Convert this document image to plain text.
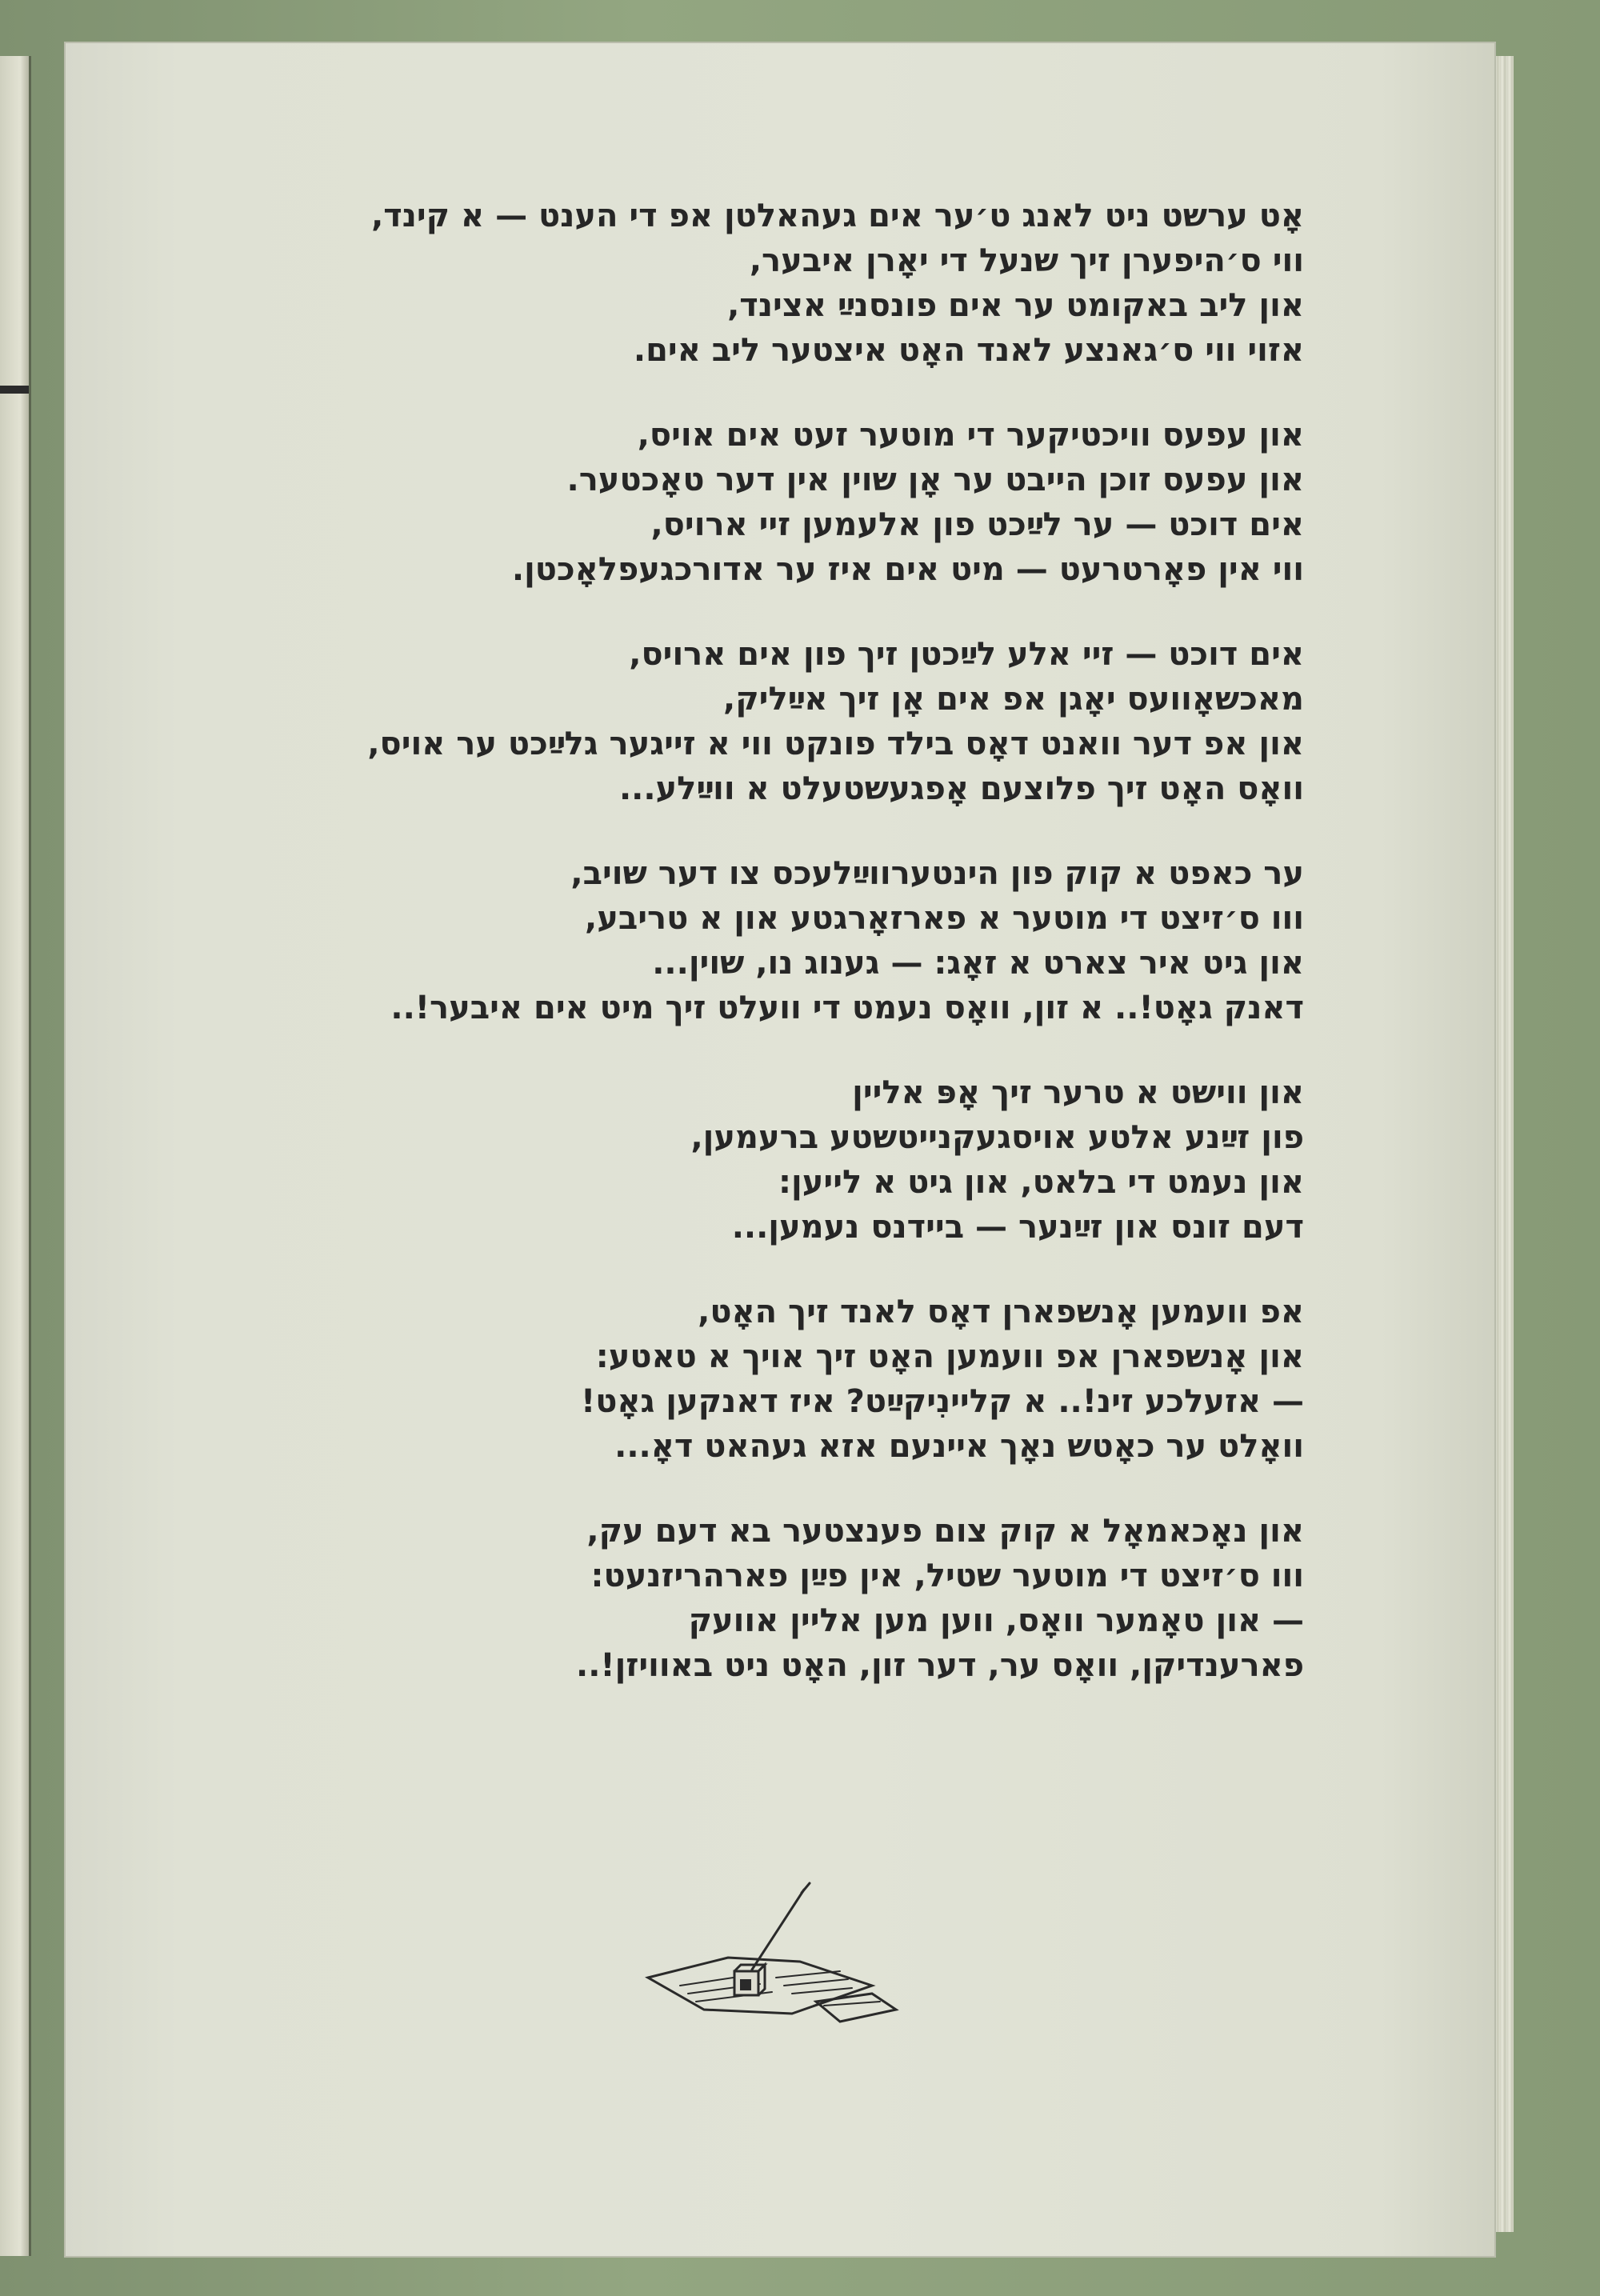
אָט ערשט ניט לאנג ט׳ער אים געהאלטן אפ די הענט — א קינד,
ווי ס׳היפערן זיך שנעל די יאָרן איבער,
און ליב באקומט ער אים פונסנײַ אצינד,
אזוי ווי ס׳גאנצע לאנד האָט איצטער ליב אים.
און עפעס וויכטיקער די מוטער זעט אים אויס,
און עפעס זוכן הייבט ער אָן שוין אין דער טאָכטער.
אים דוכט — ער לײַכט פון אלעמען זיי ארויס,
ווי אין פאָרטרעט — מיט אים איז ער אדורכגעפלאָכטן.
אים דוכט — זיי אלע לײַכטן זיך פון אים ארויס,
מאכשאָוועס יאָגן אפ אים אָן זיך אײַליק,
און אפ דער וואנט דאָס בילד פונקט ווי א זייגער גלײַכט ער אויס,
וואָס האָט זיך פלוצעם אָפגעשטעלט א ווײַלע...
ער כאפט א קוק פון הינטערווײַלעכס צו דער שויב,
ווו ס׳זיצט די מוטער א פארזאָרגטע און א טריבע,
און גיט איר צארט א זאָג: — גענוג נו, שוין...
דאנק גאָט!.. א זון, וואָס נעמט די וועלט זיך מיט אים איבער!..
און ווישט א טרער זיך אָפּ אליין
פון זײַנע אלטע אויסגעקנייטשטע ברעמען,
און נעמט די בלאט, און גיט א לייען:
דעם זונס און זײַנער — ביידנס נעמען...
אפ וועמען אָנשפארן דאָס לאנד זיך האָט,
און אָנשפארן אפ וועמען האָט זיך אויך א טאטע:
— אזעלכע זינ!.. א קליינִיקײַט? איז דאנקען גאָט!
וואָלט ער כאָטש נאָך איינעם אזא געהאט דאָ...
און נאָכאמאָל א קוק צום פענצטער בא דעם עק,
ווו ס׳זיצט די מוטער שטיל, אין פײַן פארהריזנעט:
— און טאָמער וואָס, ווען מען אליין אוועק
פארענדיקן, וואָס ער, דער זון, האָט ניט באוויזן!..
